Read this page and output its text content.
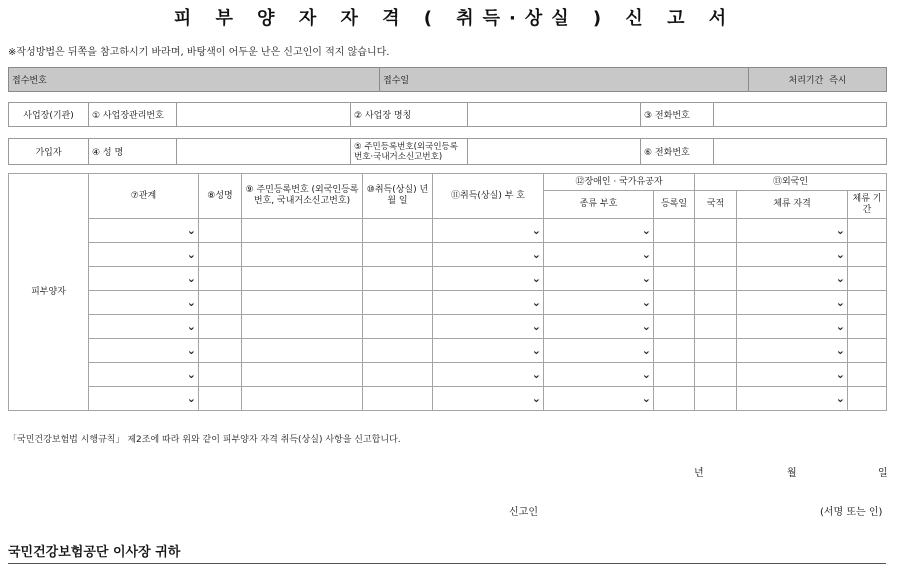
피 부 양 자 자 격 ( 취득·상실 ) 신 고 서
※작성방법은 뒤쪽을 참고하시기 바라며, 바탕색이 어두운 난은 신고인이 적지 않습니다.
접수번호	접수일	처리기간 즉시
사업장(기관)	① 사업장관리번호		② 사업장 명칭		③ 전화번호	
가입자	④ 성 명		⑤ 주민등록번호(외국인등록번호·국내거소신고번호)		⑥ 전화번호	
피부양자	⑦관계	⑧성명	⑨ 주민등록번호 (외국인등록번호, 국내거소신고번호)	⑩취득(상실) 년 월 일	⑪취득(상실) 부 호	⑫장애인 · 국가유공자		⑬외국인		
						종류 부호	등록일	국적	체류 자격	체류 기간

	⌄				⌄	⌄			⌄	

	⌄				⌄	⌄			⌄	

	⌄				⌄	⌄			⌄	

	⌄				⌄	⌄			⌄	

	⌄				⌄	⌄			⌄	

	⌄				⌄	⌄			⌄	

	⌄				⌄	⌄			⌄	

	⌄				⌄	⌄			⌄	

「국민건강보험법 시행규칙」 제2조에 따라 위와 같이 피부양자 자격 취득(상실) 사항을 신고합니다.
년	월	일
신고인	(서명 또는 인)
국민건강보험공단 이사장 귀하
